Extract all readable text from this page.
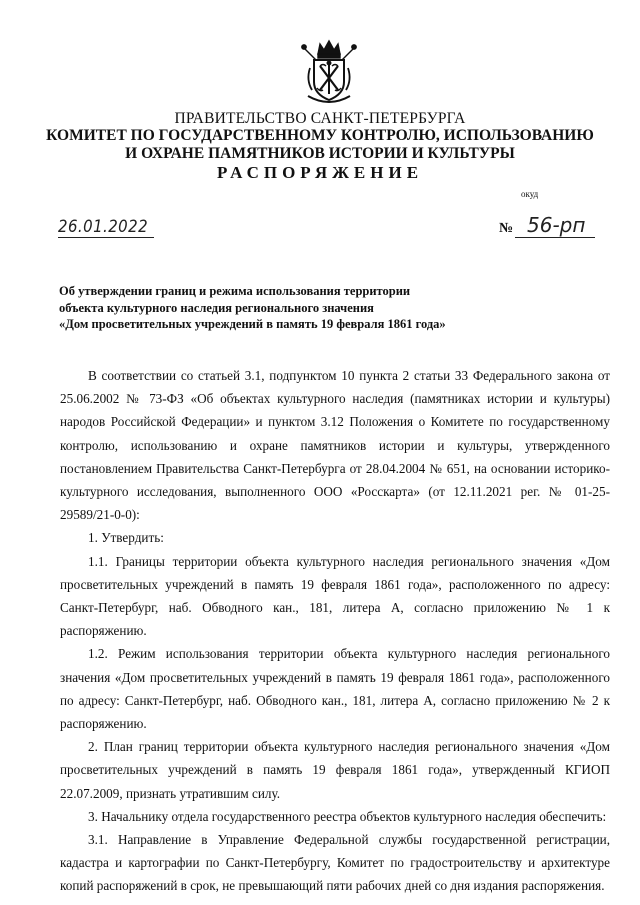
ПРАВИТЕЛЬСТВО САНКТ-ПЕТЕРБУРГА
КОМИТЕТ ПО ГОСУДАРСТВЕННОМУ КОНТРОЛЮ, ИСПОЛЬЗОВАНИЮ
И ОХРАНЕ ПАМЯТНИКОВ ИСТОРИИ И КУЛЬТУРЫ
РАСПОРЯЖЕНИЕ
окуд
26.01.2022	№ 56-рп
Об утверждении границ и режима использования территории
объекта культурного наследия регионального значения
«Дом просветительных учреждений в память 19 февраля 1861 года»

В соответствии со статьей 3.1, подпунктом 10 пункта 2 статьи 33 Федерального закона от 25.06.2002 № 73-ФЗ «Об объектах культурного наследия (памятниках истории и культуры) народов Российской Федерации» и пунктом 3.12 Положения о Комитете по государственному контролю, использованию и охране памятников истории и культуры, утвержденного постановлением Правительства Санкт-Петербурга от 28.04.2004 № 651, на основании историко-культурного исследования, выполненного ООО «Росскарта» (от 12.11.2021 рег. № 01-25-29589/21-0-0):

1. Утвердить:

1.1. Границы территории объекта культурного наследия регионального значения «Дом просветительных учреждений в память 19 февраля 1861 года», расположенного по адресу: Санкт-Петербург, наб. Обводного кан., 181, литера А, согласно приложению № 1 к распоряжению.

1.2. Режим использования территории объекта культурного наследия регионального значения «Дом просветительных учреждений в память 19 февраля 1861 года», расположенного по адресу: Санкт-Петербург, наб. Обводного кан., 181, литера А, согласно приложению № 2 к распоряжению.

2. План границ территории объекта культурного наследия регионального значения «Дом просветительных учреждений в память 19 февраля 1861 года», утвержденный КГИОП 22.07.2009, признать утратившим силу.

3. Начальнику отдела государственного реестра объектов культурного наследия обеспечить:

3.1. Направление в Управление Федеральной службы государственной регистрации, кадастра и картографии по Санкт-Петербургу, Комитет по градостроительству и архитектуре копий распоряжений в срок, не превышающий пяти рабочих дней со дня издания распоряжения.
